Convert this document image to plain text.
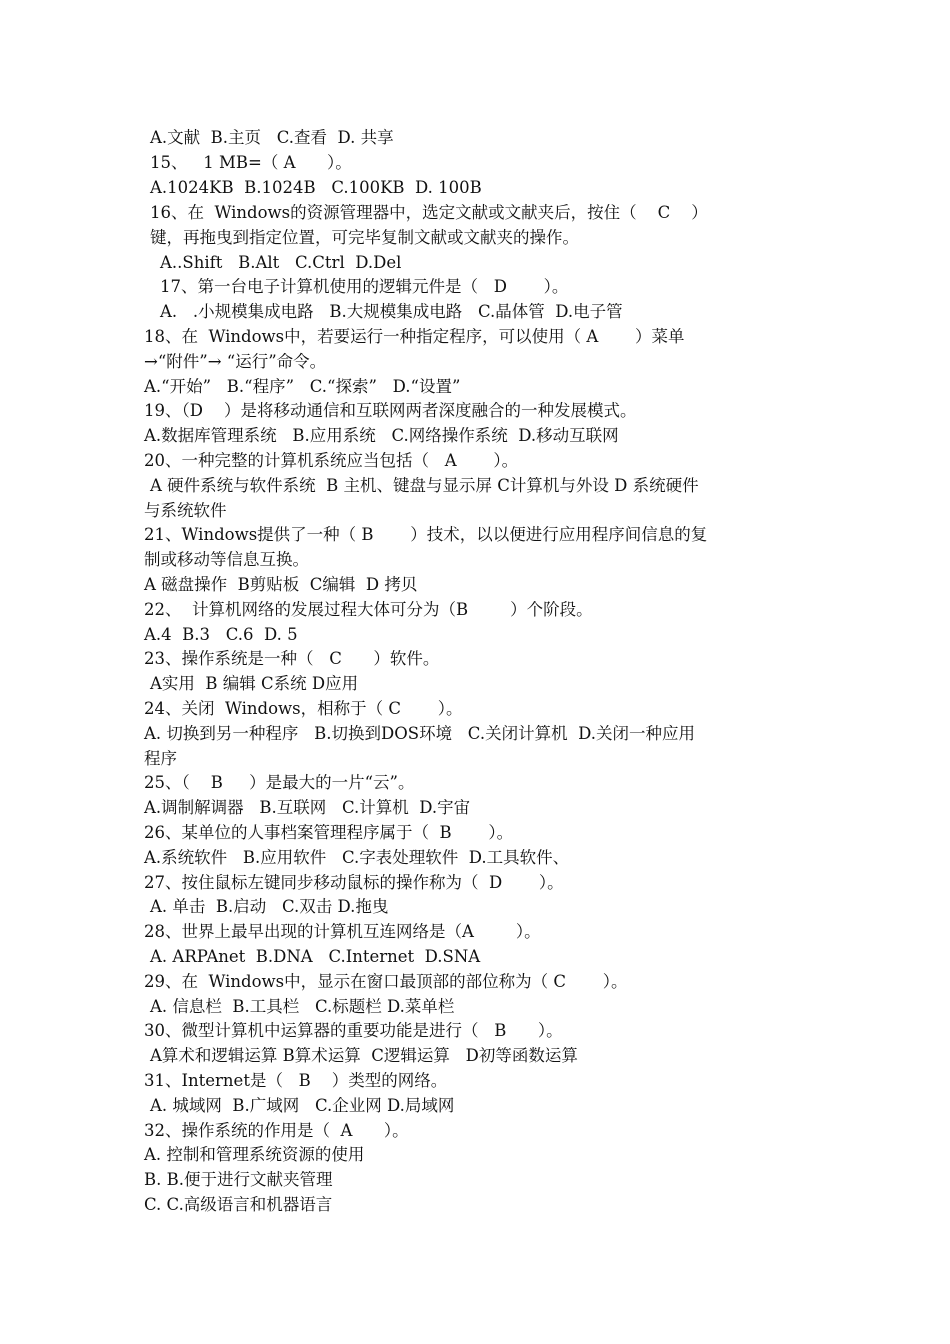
A.文献  B.主页   C.查看  D. 共享
15、   1 MB=（ A      ）。
A.1024KB  B.1024B   C.100KB  D. 100B
16、在  Windows的资源管理器中，选定文献或文献夹后，按住（    C    ）
键，再拖曳到指定位置，可完毕复制文献或文献夹的操作。
A..Shift   B.Alt   C.Ctrl  D.Del
17、第一台电子计算机使用的逻辑元件是（   D       ）。
A.   .小规模集成电路   B.大规模集成电路   C.晶体管  D.电子管
18、在  Windows中，若要运行一种指定程序，可以使用（ A       ）菜单
→“附件”→ “运行”命令。
A.“开始”   B.“程序”   C.“探索”   D.“设置”
19、（D    ）是将移动通信和互联网两者深度融合的一种发展模式。
A.数据库管理系统   B.应用系统   C.网络操作系统  D.移动互联网
20、一种完整的计算机系统应当包括（   A       ）。
A 硬件系统与软件系统  B 主机、键盘与显示屏 C计算机与外设 D 系统硬件
与系统软件
21、Windows提供了一种（ B       ）技术，以以便进行应用程序间信息的复
制或移动等信息互换。
A 磁盘操作  B剪贴板  C编辑  D 拷贝
22、  计算机网络的发展过程大体可分为（B        ）个阶段。
A.4  B.3   C.6  D. 5
23、操作系统是一种（   C      ）软件。
A实用  B 编辑 C系统 D应用
24、关闭  Windows，相称于（ C       ）。
A. 切换到另一种程序   B.切换到DOS环境   C.关闭计算机  D.关闭一种应用
程序
25、（    B     ）是最大的一片“云”。
A.调制解调器   B.互联网   C.计算机  D.宇宙
26、某单位的人事档案管理程序属于（  B       ）。
A.系统软件   B.应用软件   C.字表处理软件  D.工具软件、
27、按住鼠标左键同步移动鼠标的操作称为（  D       ）。
A. 单击  B.启动   C.双击 D.拖曳
28、世界上最早出现的计算机互连网络是（A        ）。
A. ARPAnet  B.DNA   C.Internet  D.SNA
29、在  Windows中，显示在窗口最顶部的部位称为（ C       ）。
A. 信息栏  B.工具栏   C.标题栏 D.菜单栏
30、微型计算机中运算器的重要功能是进行（   B      ）。
A算术和逻辑运算 B算术运算  C逻辑运算   D初等函数运算
31、Internet是（   B    ）类型的网络。
A. 城域网  B.广域网   C.企业网 D.局域网
32、操作系统的作用是（  A      ）。
A. 控制和管理系统资源的使用
B. B.便于进行文献夹管理
C. C.高级语言和机器语言
